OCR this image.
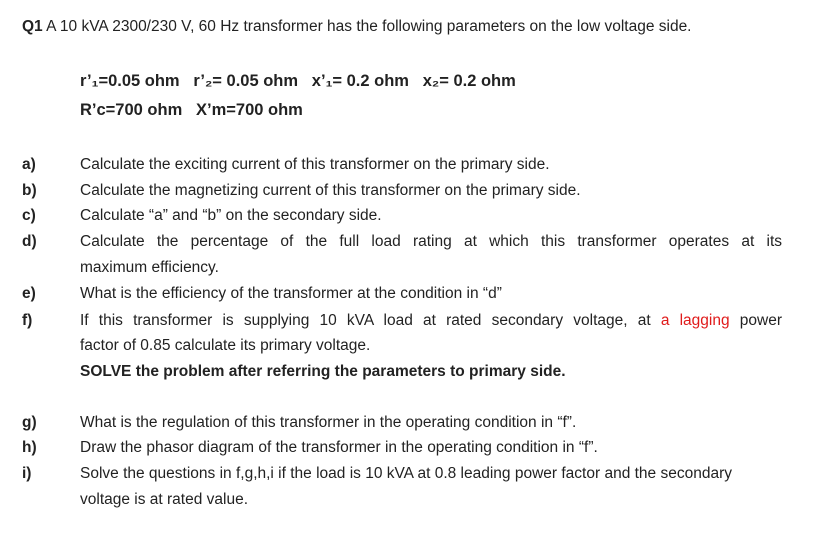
Q1 A 10 kVA 2300/230 V, 60 Hz transformer has the following parameters on the low voltage side.
r’₁=0.05 ohm   r’₂= 0.05 ohm   x’₁= 0.2 ohm   x₂= 0.2 ohm
R’c=700 ohm   X’m=700 ohm
a)	Calculate the exciting current of this transformer on the primary side.
b)	Calculate the magnetizing current of this transformer on the primary side.
c)	Calculate “a” and “b” on the secondary side.
d)	Calculate the percentage of the full load rating at which this transformer operates at its
maximum efficiency.
e)	What is the efficiency of the transformer at the condition in “d”
f)	If this transformer is supplying 10 kVA load at rated secondary voltage, at a lagging power
factor of 0.85 calculate its primary voltage.
SOLVE the problem after referring the parameters to primary side.
g)	What is the regulation of this transformer in the operating condition in “f”.
h)	Draw the phasor diagram of the transformer in the operating condition in “f”.
i)	Solve the questions in f,g,h,i if the load is 10 kVA at 0.8 leading power factor and the secondary
voltage is at rated value.
